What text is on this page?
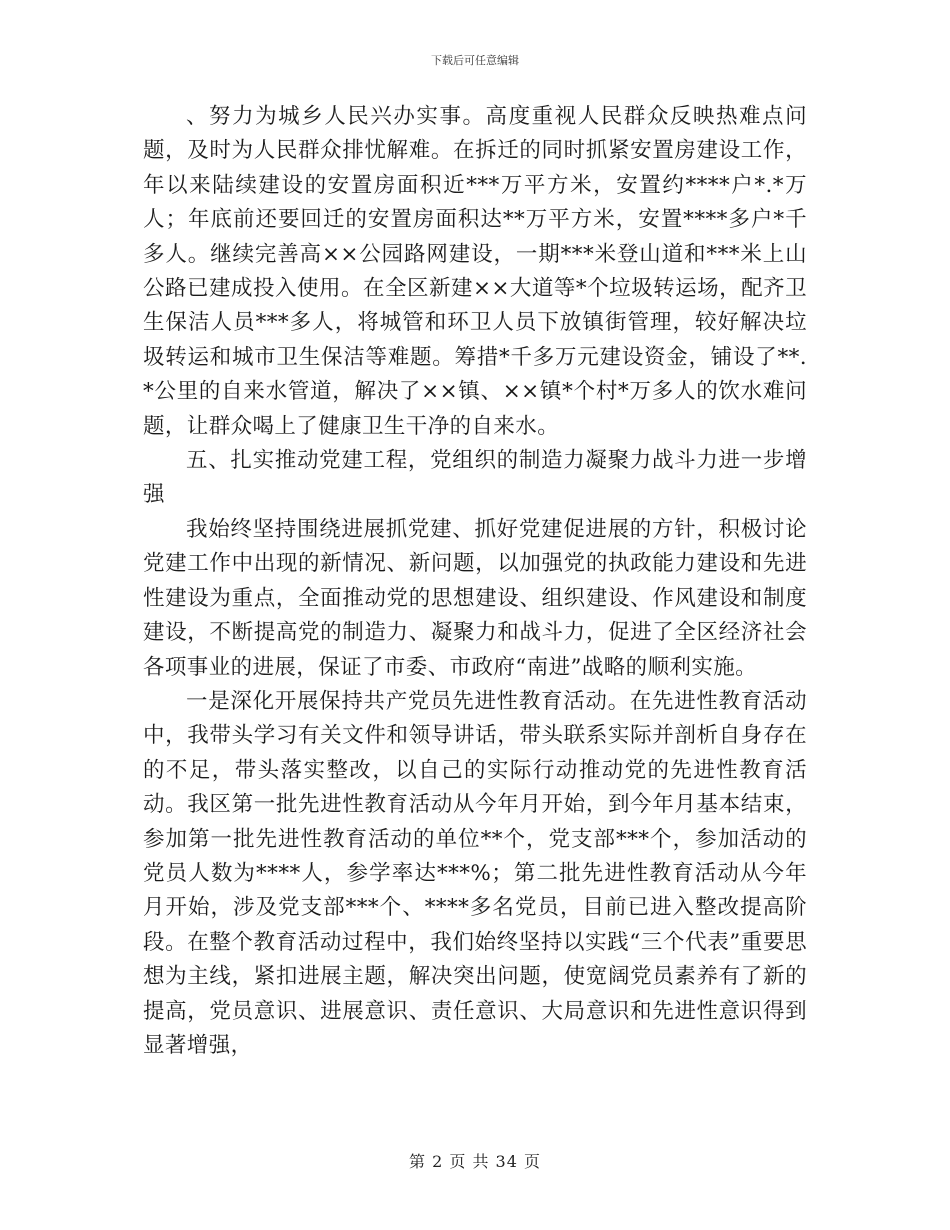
下载后可任意编辑

、努力为城乡人民兴办实事。高度重视人民群众反映热难点问题，及时为人民群众排忧解难。在拆迁的同时抓紧安置房建设工作，年以来陆续建设的安置房面积近***万平方米，安置约****户*.*万人；年底前还要回迁的安置房面积达**万平方米，安置****多户*千多人。继续完善高××公园路网建设，一期***米登山道和***米上山公路已建成投入使用。在全区新建××大道等*个垃圾转运场，配齐卫生保洁人员***多人，将城管和环卫人员下放镇街管理，较好解决垃圾转运和城市卫生保洁等难题。筹措*千多万元建设资金，铺设了**.*公里的自来水管道，解决了××镇、××镇*个村*万多人的饮水难问题，让群众喝上了健康卫生干净的自来水。

五、扎实推动党建工程，党组织的制造力凝聚力战斗力进一步增强

我始终坚持围绕进展抓党建、抓好党建促进展的方针，积极讨论党建工作中出现的新情况、新问题，以加强党的执政能力建设和先进性建设为重点，全面推动党的思想建设、组织建设、作风建设和制度建设，不断提高党的制造力、凝聚力和战斗力，促进了全区经济社会各项事业的进展，保证了市委、市政府“南进”战略的顺利实施。

一是深化开展保持共产党员先进性教育活动。在先进性教育活动中，我带头学习有关文件和领导讲话，带头联系实际并剖析自身存在的不足，带头落实整改，以自己的实际行动推动党的先进性教育活动。我区第一批先进性教育活动从今年月开始，到今年月基本结束，参加第一批先进性教育活动的单位**个，党支部***个，参加活动的党员人数为****人，参学率达***%；第二批先进性教育活动从今年月开始，涉及党支部***个、****多名党员，目前已进入整改提高阶段。在整个教育活动过程中，我们始终坚持以实践“三个代表”重要思想为主线，紧扣进展主题，解决突出问题，使宽阔党员素养有了新的提高，党员意识、进展意识、责任意识、大局意识和先进性意识得到显著增强，

第 2 页 共 34 页
